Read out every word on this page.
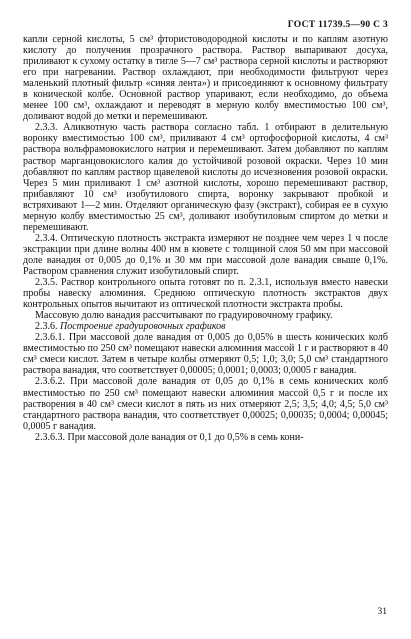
ГОСТ 11739.5—90 С 3

капли серной кислоты, 5 см³ фтористоводородной кислоты и по каплям азотную кислоту до получения прозрачного раствора. Раствор выпаривают досуха, приливают к сухому остатку в тигле 5—7 см³ раствора серной кислоты и растворяют его при нагревании. Раствор охлаждают, при необходимости фильтруют через маленький плотный фильтр «синяя лента») и присоединяют к основному фильтрату в конической колбе. Основной раствор упаривают, если необходимо, до объема менее 100 см³, охлаждают и переводят в мерную колбу вместимостью 100 см³, доливают водой до метки и перемешивают.

2.3.3. Аликвотную часть раствора согласно табл. 1 отбирают в делительную воронку вместимостью 100 см³, приливают 4 см³ ортофосфорной кислоты, 4 см³ раствора вольфрамовокислого натрия и перемешивают. Затем добавляют по каплям раствор марганцовокислого калия до устойчивой розовой окраски. Через 10 мин добавляют по каплям раствор щавелевой кислоты до исчезновения розовой окраски. Через 5 мин приливают 1 см³ азотной кислоты, хорошо перемешивают раствор, прибавляют 10 см³ изобутилового спирта, воронку закрывают пробкой и встряхивают 1—2 мин. Отделяют органическую фазу (экстракт), собирая ее в сухую мерную колбу вместимостью 25 см³, доливают изобутиловым спиртом до метки и перемешивают.

2.3.4. Оптическую плотность экстракта измеряют не позднее чем через 1 ч после экстракции при длине волны 400 нм в кювете с толщиной слоя 50 мм при массовой доле ванадия от 0,005 до 0,1% и 30 мм при массовой доле ванадия свыше 0,1%. Раствором сравнения служит изобутиловый спирт.

2.3.5. Раствор контрольного опыта готовят по п. 2.3.1, используя вместо навески пробы навеску алюминия. Среднюю оптическую плотность экстрактов двух контрольных опытов вычитают из оптической плотности экстракта пробы.

Массовую долю ванадия рассчитывают по градуировочному графику.

2.3.6. Построение градуировочных графиков

2.3.6.1. При массовой доле ванадия от 0,005 до 0,05% в шесть конических колб вместимостью по 250 см³ помещают навески алюминия массой 1 г и растворяют в 40 см³ смеси кислот. Затем в четыре колбы отмеряют 0,5; 1,0; 3,0; 5,0 см³ стандартного раствора ванадия, что соответствует 0,00005; 0,0001; 0,0003; 0,0005 г ванадия.

2.3.6.2. При массовой доле ванадия от 0,05 до 0,1% в семь конических колб вместимостью по 250 см³ помещают навески алюминия массой 0,5 г и после их растворения в 40 см³ смеси кислот в пять из них отмеряют 2,5; 3,5; 4,0; 4,5; 5,0 см³ стандартного раствора ванадия, что соответствует 0,00025; 0,00035; 0,0004; 0,00045; 0,0005 г ванадия.

2.3.6.3. При массовой доле ванадия от 0,1 до 0,5% в семь кони-

31
